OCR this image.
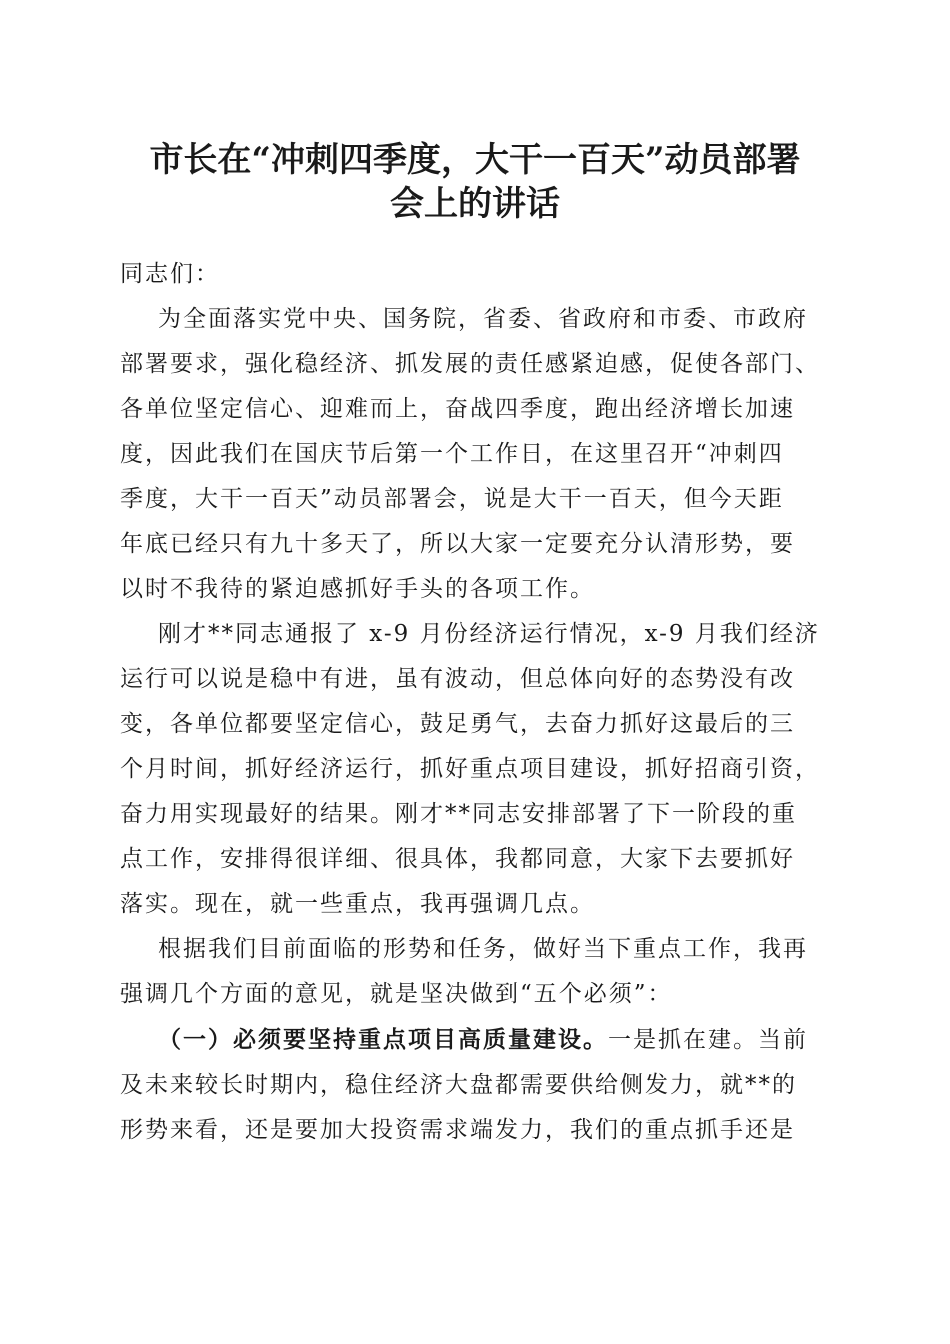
市长在“冲刺四季度，大干一百天”动员部署
会上的讲话

同志们：

为全面落实党中央、国务院，省委、省政府和市委、市政府

部署要求，强化稳经济、抓发展的责任感紧迫感，促使各部门、

各单位坚定信心、迎难而上，奋战四季度，跑出经济增长加速

度，因此我们在国庆节后第一个工作日，在这里召开“冲刺四

季度，大干一百天”动员部署会，说是大干一百天，但今天距

年底已经只有九十多天了，所以大家一定要充分认清形势，要

以时不我待的紧迫感抓好手头的各项工作。

刚才**同志通报了 x-9 月份经济运行情况，x-9 月我们经济

运行可以说是稳中有进，虽有波动，但总体向好的态势没有改

变，各单位都要坚定信心，鼓足勇气，去奋力抓好这最后的三

个月时间，抓好经济运行，抓好重点项目建设，抓好招商引资，

奋力用实现最好的结果。刚才**同志安排部署了下一阶段的重

点工作，安排得很详细、很具体，我都同意，大家下去要抓好

落实。现在，就一些重点，我再强调几点。

根据我们目前面临的形势和任务，做好当下重点工作，我再

强调几个方面的意见，就是坚决做到“五个必须”：

（一）必须要坚持重点项目高质量建设。一是抓在建。当前

及未来较长时期内，稳住经济大盘都需要供给侧发力，就**的

形势来看，还是要加大投资需求端发力，我们的重点抓手还是
